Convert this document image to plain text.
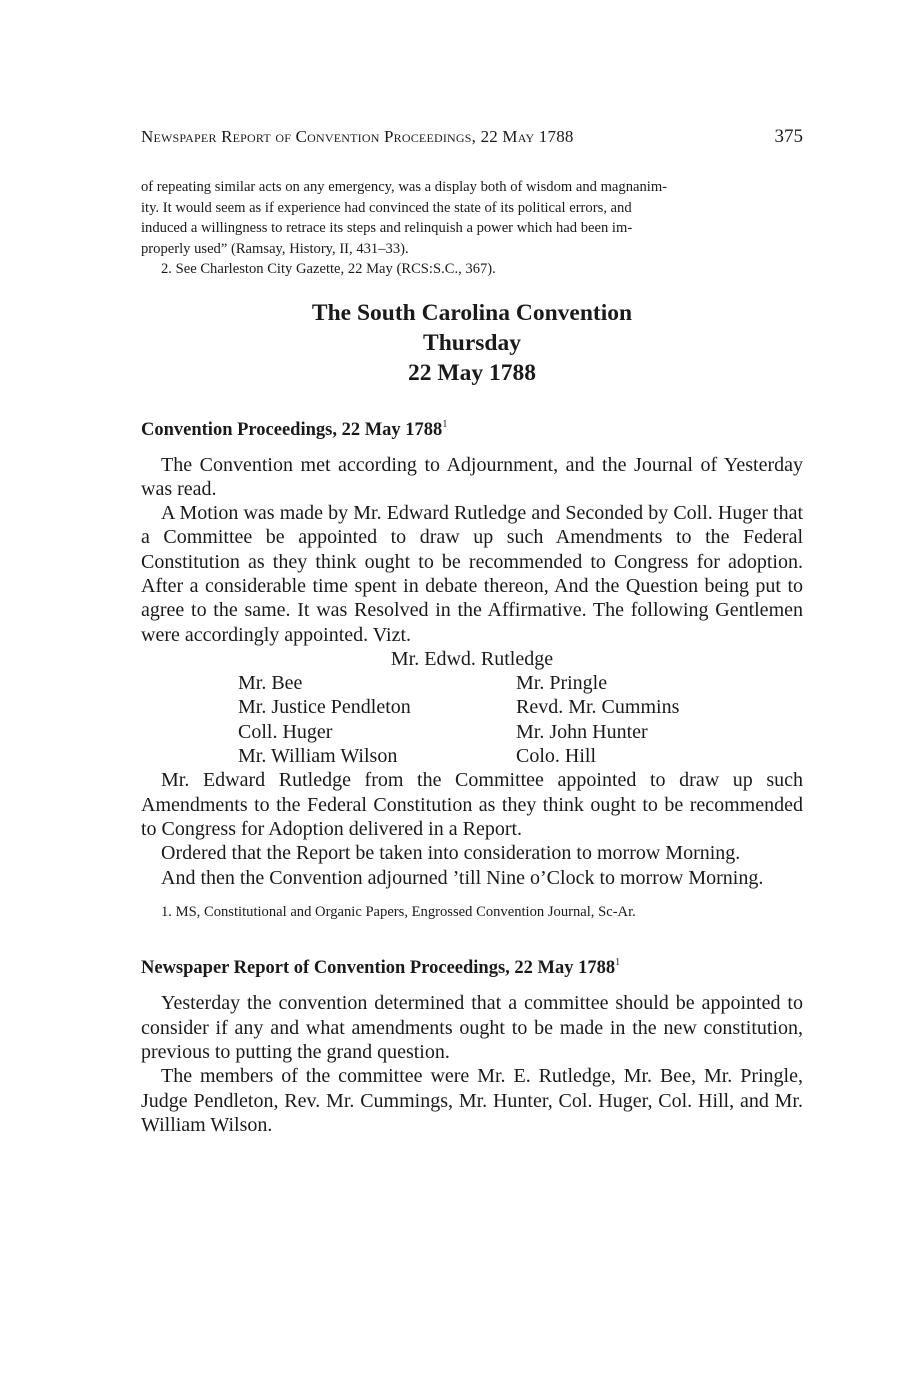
Newspaper Report of Convention Proceedings, 22 May 1788	375
of repeating similar acts on any emergency, was a display both of wisdom and magnanim-
ity. It would seem as if experience had convinced the state of its political errors, and
induced a willingness to retrace its steps and relinquish a power which had been im-
properly used” (Ramsay, History, II, 431–33).
2. See Charleston City Gazette, 22 May (RCS:S.C., 367).
The South Carolina Convention
Thursday
22 May 1788
Convention Proceedings, 22 May 1788$^1$

The Convention met according to Adjournment, and the Journal of Yesterday was read.

A Motion was made by Mr. Edward Rutledge and Seconded by Coll. Huger that a Committee be appointed to draw up such Amendments to the Federal Constitution as they think ought to be recommended to Congress for adoption. After a considerable time spent in debate thereon, And the Question being put to agree to the same. It was Resolved in the Affirmative. The following Gentlemen were accordingly appointed. Vizt.

Mr. Edwd. Rutledge
Mr. Bee	Mr. Pringle
Mr. Justice Pendleton	Revd. Mr. Cummins
Coll. Huger	Mr. John Hunter
Mr. William Wilson	Colo. Hill

Mr. Edward Rutledge from the Committee appointed to draw up such Amendments to the Federal Constitution as they think ought to be recommended to Congress for Adoption delivered in a Report.

Ordered that the Report be taken into consideration to morrow Morning.

And then the Convention adjourned ’till Nine o’Clock to morrow Morning.

1. MS, Constitutional and Organic Papers, Engrossed Convention Journal, Sc-Ar.
Newspaper Report of Convention Proceedings, 22 May 1788$^1$

Yesterday the convention determined that a committee should be appointed to consider if any and what amendments ought to be made in the new constitution, previous to putting the grand question.

The members of the committee were Mr. E. Rutledge, Mr. Bee, Mr. Pringle, Judge Pendleton, Rev. Mr. Cummings, Mr. Hunter, Col. Huger, Col. Hill, and Mr. William Wilson.
